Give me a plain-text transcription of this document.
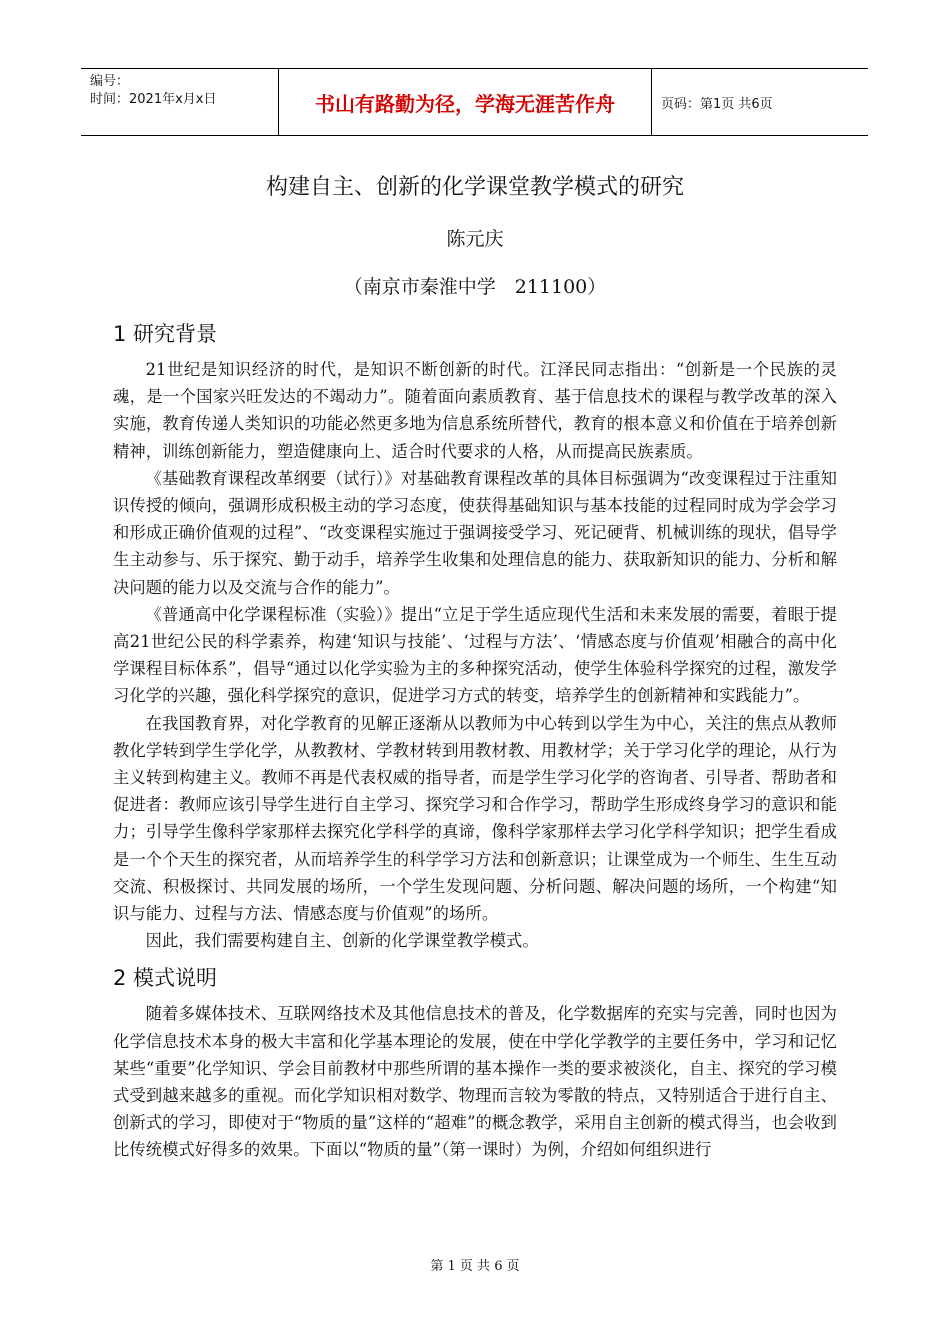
编号：
时间：2021年x月x日	书山有路勤为径，学海无涯苦作舟	页码：第1页 共6页
构建自主、创新的化学课堂教学模式的研究
陈元庆
（南京市秦淮中学　211100）
1 研究背景

21世纪是知识经济的时代，是知识不断创新的时代。江泽民同志指出：“创新是一个民族的灵魂，是一个国家兴旺发达的不竭动力”。随着面向素质教育、基于信息技术的课程与教学改革的深入实施，教育传递人类知识的功能必然更多地为信息系统所替代，教育的根本意义和价值在于培养创新精神，训练创新能力，塑造健康向上、适合时代要求的人格，从而提高民族素质。

《基础教育课程改革纲要（试行）》对基础教育课程改革的具体目标强调为“改变课程过于注重知识传授的倾向，强调形成积极主动的学习态度，使获得基础知识与基本技能的过程同时成为学会学习和形成正确价值观的过程”、“改变课程实施过于强调接受学习、死记硬背、机械训练的现状，倡导学生主动参与、乐于探究、勤于动手，培养学生收集和处理信息的能力、获取新知识的能力、分析和解决问题的能力以及交流与合作的能力”。

《普通高中化学课程标准（实验）》提出“立足于学生适应现代生活和未来发展的需要，着眼于提高21世纪公民的科学素养，构建‘知识与技能’、‘过程与方法’、‘情感态度与价值观’相融合的高中化学课程目标体系”，倡导“通过以化学实验为主的多种探究活动，使学生体验科学探究的过程，激发学习化学的兴趣，强化科学探究的意识，促进学习方式的转变，培养学生的创新精神和实践能力”。

在我国教育界，对化学教育的见解正逐渐从以教师为中心转到以学生为中心，关注的焦点从教师教化学转到学生学化学，从教教材、学教材转到用教材教、用教材学；关于学习化学的理论，从行为主义转到构建主义。教师不再是代表权威的指导者，而是学生学习化学的咨询者、引导者、帮助者和促进者：教师应该引导学生进行自主学习、探究学习和合作学习，帮助学生形成终身学习的意识和能力；引导学生像科学家那样去探究化学科学的真谛，像科学家那样去学习化学科学知识；把学生看成是一个个天生的探究者，从而培养学生的科学学习方法和创新意识；让课堂成为一个师生、生生互动交流、积极探讨、共同发展的场所，一个学生发现问题、分析问题、解决问题的场所，一个构建“知识与能力、过程与方法、情感态度与价值观”的场所。

因此，我们需要构建自主、创新的化学课堂教学模式。

2 模式说明

随着多媒体技术、互联网络技术及其他信息技术的普及，化学数据库的充实与完善，同时也因为化学信息技术本身的极大丰富和化学基本理论的发展，使在中学化学教学的主要任务中，学习和记忆某些“重要”化学知识、学会目前教材中那些所谓的基本操作一类的要求被淡化，自主、探究的学习模式受到越来越多的重视。而化学知识相对数学、物理而言较为零散的特点，又特别适合于进行自主、创新式的学习，即使对于“物质的量”这样的“超难”的概念教学，采用自主创新的模式得当，也会收到比传统模式好得多的效果。下面以“物质的量”（第一课时）为例，介绍如何组织进行

第 1 页 共 6 页
